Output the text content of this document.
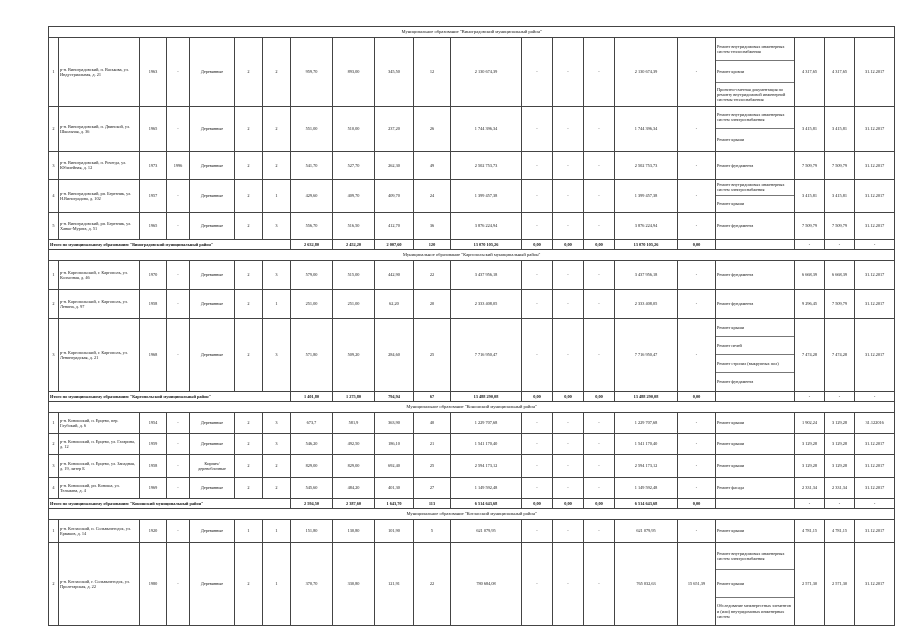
Муниципальное образование "Виноградовский муниципальный район"																				
1	р-н. Виноградовский, п. Васькова, ул. Индустриальная, д. 21	1963	-	Деревянные	2	2	959,70	893,00	345,50	12	2 130 674,39	-	-	-	2 130 674,39	-	Ремонт внутридомовых инженерных систем теплоснабжения
Ремонт кровли
Проектно-сметная документация по ремонту внутридомовой инженерной системы теплоснабжения	4 317,65	4 317,65	31.12.2017
2	р-н. Виноградовский, п. Двинской, ул. Школьная, д. 36	1965	-	Деревянные	2	2	551,00	510,00	237,20	26	1 744 396,34	-	-	-	1 744 396,34	-	Ремонт внутридомовых инженерных систем электроснабжения
Ремонт крыши	3 415,81	3 415,81	31.12.2017
3	р-н. Виноградовский, п. Рочегда, ул. Юбилейная, д. 12	1973	1996	Деревянные	2	2	541,70	527,70	262,30	49	2 502 753,73	-	-	-	2 502 753,73	-	Ремонт фундамента	7 509,79	7 509,79	31.12.2017
4	р-н. Виноградовский, рп. Березник, ул. Н.Виноградова, д. 102	1957	-	Деревянные	2	1	429,60	409,70	409,70	24	1 399 457,38	-	-	-	1 399 457,38	-	Ремонт внутридомовых инженерных систем электроснабжения
Ремонт крыши	3 415,81	3 415,81	31.12.2017
5	р-н. Виноградовский, рп. Березник, ул. Ханко-Мурата, д. 51	1965	-	Деревянные	2	3	556,70	516,50	412,70	36	3 876 224,94	-	-	-	3 876 224,94	-	Ремонт фундамента	7 509,79	7 509,79	31.12.2017
Итого по муниципальному образованию "Виноградовский муниципальный район"							2 632,80	2 452,20	2 007,60	120	13 070 105,26	0,00	0,00	0,00	13 070 105,26	0,00		-	-	-
Муниципальное образование "Каргопольский муниципальный район"																				
1	р-н. Каргопольский, г. Каргополь, ул. Колхозная, д. 46	1970	-	Деревянные	2	3	579,00	515,00	442,90	22	3 437 956,18	-	-	-	3 437 956,18	-	Ремонт фундамента	6 668,39	6 668,39	31.12.2017
2	р-н. Каргопольский, г. Каргополь, ул. Ленина, д. 97	1958	-	Деревянные	2	1	251,00	251,00	62,20	20	2 333 408,05	-	-	-	2 333 408,05	-	Ремонт фундамента	9 296,45	7 509,79	31.12.2017
3	р-н. Каргопольский, г. Каргополь, ул. Ленинградская, д. 21	1968	-	Деревянные	2	3	571,80	509,20	284,60	25	7 716 950,47	-	-	-	7 716 950,47	-	Ремонт крыши
Ремонт печей
Ремонт стропил (выкрупных пол)
Ремонт фундамента	7 474,28	7 474,28	31.12.2017
Итого по муниципальному образованию "Каргопольский муниципальный район"							1 401,80	1 275,80	794,94	67	13 488 290,08	0,00	0,00	0,00	13 488 290,08	0,00		-	-	-
Муниципальное образование "Коношский муниципальный район"																				
1	р-н. Коношский, п. Ерцево, пер. Глубокий, д. 6	1954	-	Деревянные	2	3	673,7	581,9	363,90	40	1 229 707,68	-	-	-	1 229 707,68	-	Ремонт крыши	1 902,24	3 129,28	31.122016
2	р-н. Коношский, п. Ерцево, ул. Гагарина, д. 12	1959	-	Деревянные	2	3	546,20	492,50	186,10	21	1 541 170,40	-	-	-	1 541 170,40	-	Ремонт крыши	3 129,28	3 129,28	31.12.2017
3	р-н. Коношский, п. Ерцево, ул. Западная, д. 19, литер Б	1958	-	Кирпич/ деревоблочные	2	2	829,00	829,00	692,40	25	2 594 173,12	-	-	-	2 594 173,12	-	Ремонт крыши	3 129,28	3 129,28	31.12.2017
4	р-н. Коношский, рп. Коноша, ул. Тельмана, д. 4	1969	-	Деревянные	2	2	545,60	484,20	401,30	27	1 149 592,48	-	-	-	1 149 592,48	-	Ремонт фасада	2 331,34	2 331,34	31.12.2017
Итого по муниципальному образованию "Коношский муниципальный район"							2 594,50	2 387,60	1 643,70	113	6 514 643,68	0,00	0,00	0,00	6 514 643,68	0,00		-	-	-
Муниципальное образование "Котласский муниципальный район"																				
1	р-н. Котласский, п. Сольвычегодск, ул. Ермаков, д. 14	1920	-	Деревянные	1	1	151,80	130,80	101,90	5	621 079,95	-	-	-	621 079,95	-	Ремонт крыши	4 781,15	4 781,15	31.12.2017
2	р-н. Котласский, г. Сольвычегодск, ул. Пролетарская, д. 22	1980	-	Деревянные	2	1	370,70	330,80	121,91	22	780 684,08	-	-	-	765 032,63	15 651,39	Ремонт внутридомовых инженерных систем электроснабжения
Ремонт крыши
Обследование межнерестных элементов и (или) внутридомовых инженерных систем	2 571,30	2 571,30	31.12.2017
